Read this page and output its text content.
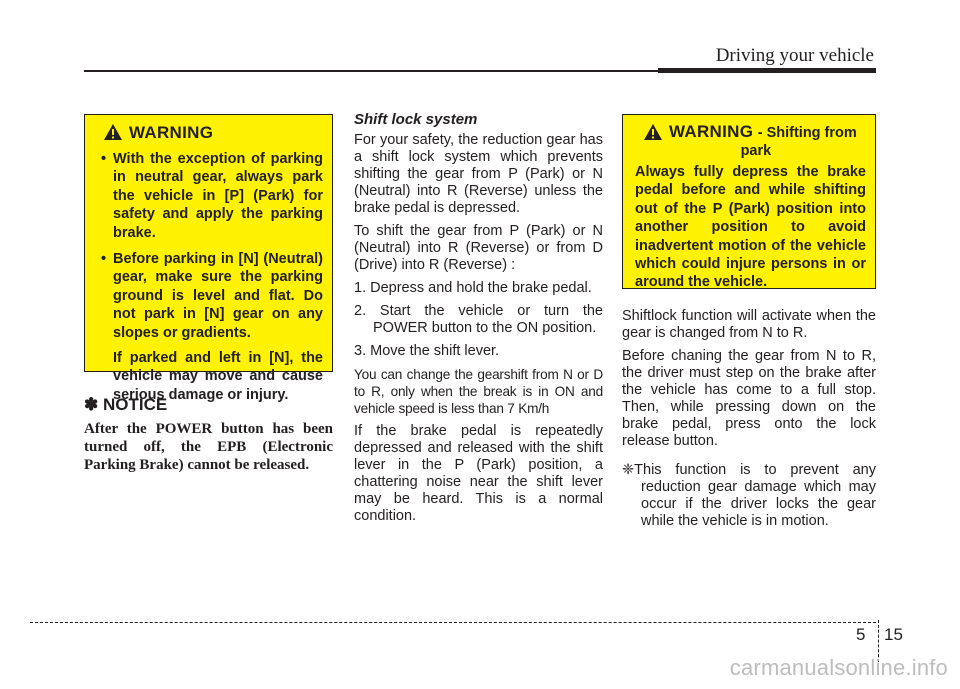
Driving your vehicle
WARNING
• With the exception of parking in neutral gear, always park the vehicle in [P] (Park) for safety and apply the parking brake.
• Before parking in [N] (Neutral) gear, make sure the parking ground is level and flat. Do not park in [N] gear on any slopes or gradients.
If parked and left in [N], the vehicle may move and cause serious damage or injury.
✽ NOTICE
After the POWER button has been turned off, the EPB (Electronic Parking Brake) cannot be released.
Shift lock system

For your safety, the reduction gear has a shift lock system which prevents shifting the gear from P (Park) or N (Neutral) into R (Reverse) unless the brake pedal is depressed.

To shift the gear from P (Park) or N (Neutral) into R (Reverse) or from D (Drive) into R (Reverse) :

1. Depress and hold the brake pedal.
2. Start the vehicle or turn the POWER button to the ON position.
3. Move the shift lever.

You can change the gearshift from N or D to R, only when the break is in ON and vehicle speed is less than 7 Km/h

If the brake pedal is repeatedly depressed and released with the shift lever in the P (Park) position, a chattering noise near the shift lever may be heard. This is a normal condition.

WARNING - Shifting from
park
Always fully depress the brake pedal before and while shifting out of the P (Park) position into another position to avoid inadvertent motion of the vehicle which could injure persons in or around the vehicle.

Shiftlock function will activate when the gear is changed from N to R.

Before chaning the gear from N to R, the driver must step on the brake after the vehicle has come to a full stop. Then, while pressing down on the brake pedal, press onto the lock release button.

❈This function is to prevent any reduction gear damage which may occur if the driver locks the gear while the vehicle is in motion.
5 15
carmanualsonline.info
